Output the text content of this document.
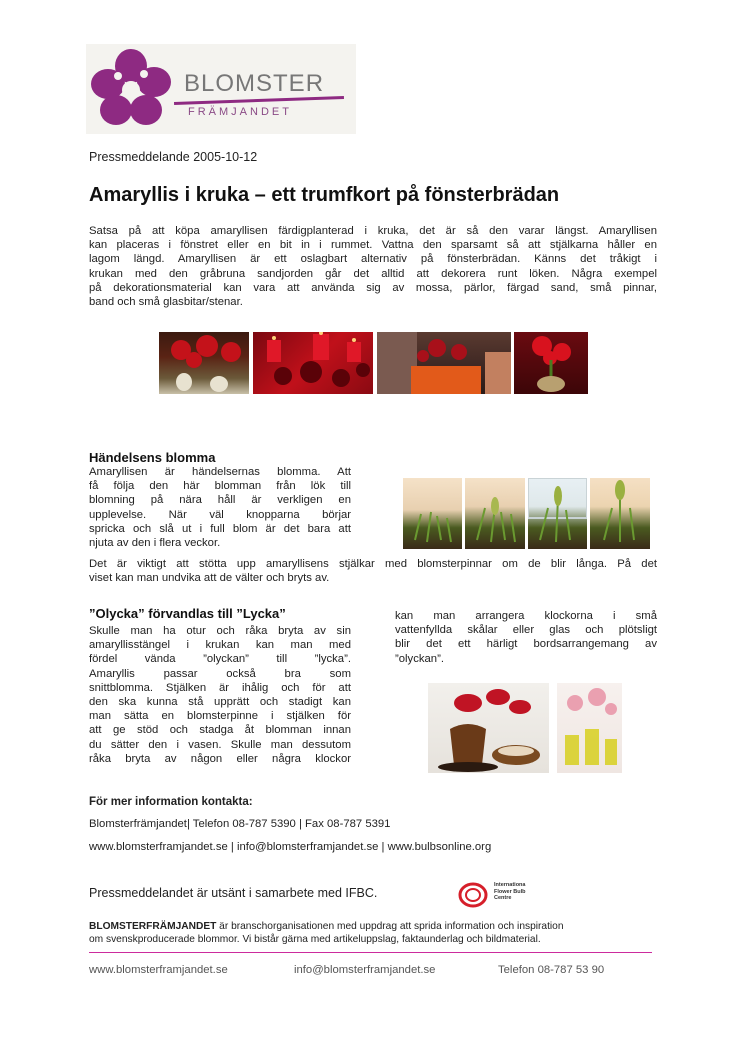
BLOMSTER
FRÄMJANDET
Pressmeddelande 2005-10-12
Amaryllis i kruka – ett trumfkort på fönsterbrädan
Satsa på att köpa amaryllisen färdigplanterad i kruka, det är så den varar längst. Amaryllisen
kan placeras i fönstret eller en bit in i rummet. Vattna den sparsamt så att stjälkarna håller en
lagom längd. Amaryllisen är ett oslagbart alternativ på fönsterbrädan. Känns det tråkigt i
krukan med den gråbruna sandjorden går det alltid att dekorera runt löken. Några exempel
på dekorationsmaterial kan vara att använda sig av mossa, pärlor, färgad sand, små pinnar,
band och små glasbitar/stenar.
Händelsens blomma
Amaryllisen är händelsernas blomma. Att
få följa den här blomman från lök till
blomning på nära håll är verkligen en
upplevelse. När väl knopparna börjar
spricka och slå ut i full blom är det bara att
njuta av den i flera veckor.
Det är viktigt att stötta upp amaryllisens stjälkar med blomsterpinnar om de blir långa. På det
viset kan man undvika att de välter och bryts av.
”Olycka” förvandlas till ”Lycka”
Skulle man ha otur och råka bryta av sin
amaryllisstängel i krukan kan man med
fördel vända ”olyckan” till ”lycka”.
Amaryllis passar också bra som
snittblomma. Stjälken är ihålig och för att
den ska kunna stå upprätt och stadigt kan
man sätta en blomsterpinne i stjälken för
att ge stöd och stadga åt blomman innan
du sätter den i vasen. Skulle man dessutom
råka bryta av någon eller några klockor
kan man arrangera klockorna i små
vattenfyllda skålar eller glas och plötsligt
blir det ett härligt bordsarrangemang av
”olyckan”.
För mer information kontakta:
Blomsterfrämjandet| Telefon 08-787 5390 | Fax 08-787 5391
www.blomsterframjandet.se | info@blomsterframjandet.se | www.bulbsonline.org
Pressmeddelandet är utsänt i samarbete med IFBC.
Internationa
Flower Bulb
Centre
BLOMSTERFRÄMJANDET är branschorganisationen med uppdrag att sprida information och inspiration
om svenskproducerade blommor. Vi bistår gärna med artikeluppslag, faktaunderlag och bildmaterial.
www.blomsterframjandet.se	info@blomsterframjandet.se	Telefon 08-787 53 90
